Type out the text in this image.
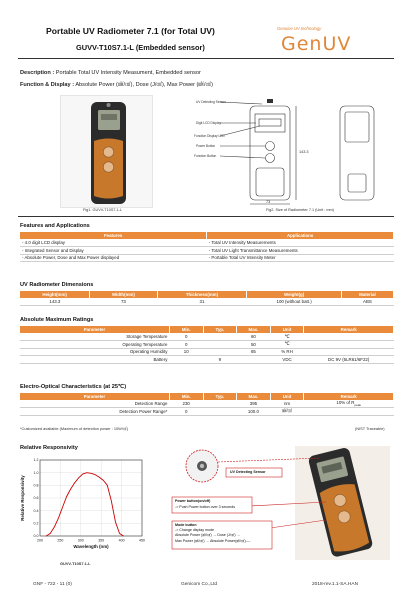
Portable UV Radiometer 7.1 (for Total UV)
GUVV-T10S7.1-L (Embedded sensor)
Genuine UV technology
GenUV
Description : Portable Total UV Intensity Measument, Embedded sensor
Function & Display : Absolute Power (㎽/㎠), Dose (J/㎠), Max Power (㎽/㎠)
Fig1. GUVV-T10S7.1-L
UV Detecting Sensor
Digit LCD Display
Function Display LED
Power Button
Function Button
143.3
73
Fig2. Size of Radiometer 7.1 (Unit : mm)
Features and Applications
Features	Applications
- 4.0 digit LCD display	- Total UV Intensity Measurements
- Integrated Sensor and Display	- Total UV Light Transmittance Measurements
- Absolute Power, Dose and Max Power displayed	- Portable Total UV Intensity Meter
UV Radiometer Dimensions
Height(mm)	Width(mm)	Thickness(mm)	Weight(g)	Material
143.3	73	31	100 (without batt.)	ABS
Absolute Maximum Ratings
Parameter	Min.	Typ.	Max.	Unit	Remark
Storage Temperature	0		60	℃	
Operating Temperature	0		50	℃	
Operating Humidity	10		85	% RH	
Battery		9		VDC	DC 9V (6LR61/6F22)
Electro-Optical Characteristics (at 25℃)
Parameter	Min.	Typ.	Max.	Unit	Remark
Detection Range	230		395	nm	10% of $R_{peak}$
Detection Power Range*	0		100.0	㎽/㎠	
*Customized available (Maximum of detection power : 10W/㎠)	(NIST Traceable)
Relative Responsivity
200	250	300	350	400	450
0.0
0.2
0.4
0.6
0.8
1.0
1.2
Wavelength (nm)
Relative Responsivity
GUVV-T10S7.1-L
UV Detecting Sensor
Power button(on/off)
-> Push Power button over 3 seconds
Mode button
-> Change display mode
Absolute Power (㎽/㎠) → Dose (J/㎠) →
Max Power (㎽/㎠) → Absolute Power(㎽/㎠)----
GNF - 722 - 11 (0)	Genicom Co.,Ltd	2018-rev.1.1-SA.HAN
